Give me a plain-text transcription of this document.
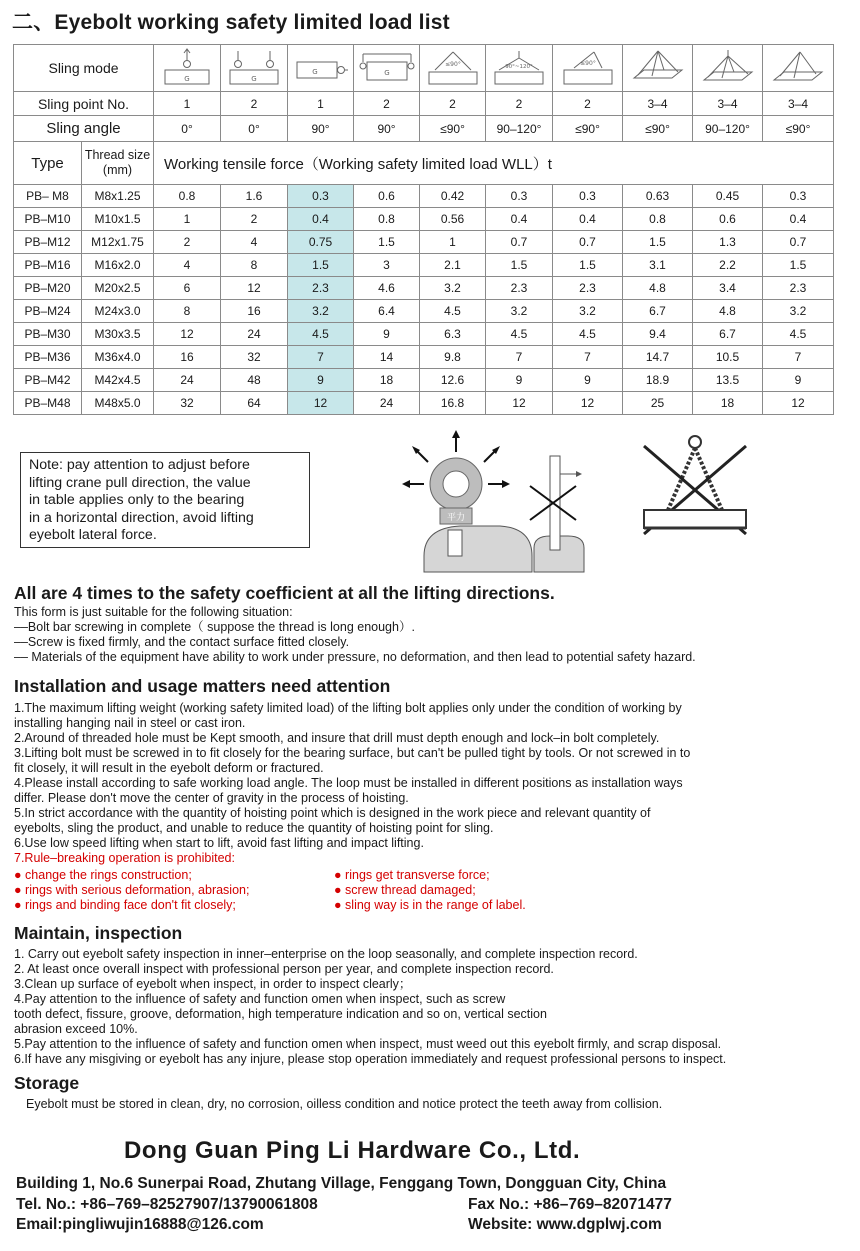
二、Eyebolt working safety limited load list
Sling mode		G	G	G	G	≤90°	90°~120°	≤90°

Sling point No.		1	2	1	2	2	2	2	3–4	3–4	3–4
Sling angle		0°	0°	90°	90°	≤90°	90–120°	≤90°	≤90°	90–120°	≤90°
Type	Thread size
(mm)	Working tensile force（Working safety limited load WLL）t									
PB– M8	M8x1.25	0.8	1.6	0.3	0.6	0.42	0.3	0.3	0.63	0.45	0.3
PB–M10	M10x1.5	1	2	0.4	0.8	0.56	0.4	0.4	0.8	0.6	0.4
PB–M12	M12x1.75	2	4	0.75	1.5	1	0.7	0.7	1.5	1.3	0.7
PB–M16	M16x2.0	4	8	1.5	3	2.1	1.5	1.5	3.1	2.2	1.5
PB–M20	M20x2.5	6	12	2.3	4.6	3.2	2.3	2.3	4.8	3.4	2.3
PB–M24	M24x3.0	8	16	3.2	6.4	4.5	3.2	3.2	6.7	4.8	3.2
PB–M30	M30x3.5	12	24	4.5	9	6.3	4.5	4.5	9.4	6.7	4.5
PB–M36	M36x4.0	16	32	7	14	9.8	7	7	14.7	10.5	7
PB–M42	M42x4.5	24	48	9	18	12.6	9	9	18.9	13.5	9
PB–M48	M48x5.0	32	64	12	24	16.8	12	12	25	18	12
Note: pay attention to adjust before
lifting crane pull direction, the value
in table applies only to the bearing
in a horizontal direction, avoid lifting
eyebolt lateral force.
平力
All are 4 times to the safety coefficient at all the lifting directions.
This form is just suitable for the following situation:
––Bolt bar screwing in complete（ suppose the thread is long enough）.
––Screw is fixed firmly, and the contact surface fitted closely.
–– Materials of the equipment have ability to work under pressure, no deformation, and then lead to potential safety hazard.
Installation and usage matters need attention
1.The maximum lifting weight (working safety limited load) of the lifting bolt applies only under the condition of working by
installing hanging nail in steel or cast iron.
2.Around of threaded hole must be Kept smooth, and insure that drill must depth enough and lock–in bolt completely.
3.Lifting bolt must be screwed in to fit closely for the bearing surface, but can't be pulled tight by tools. Or not screwed in to
fit closely, it will result in the eyebolt deform or fractured.
4.Please install according to safe working load angle. The loop must be installed in different positions as installation ways
differ. Please don't move the center of gravity in the process of hoisting.
5.In strict accordance with the quantity of hoisting point which is designed in the work piece and relevant quantity of
eyebolts, sling the product, and unable to reduce the quantity of hoisting point for sling.
6.Use low speed lifting when start to lift, avoid fast lifting and impact lifting.
7.Rule–breaking operation is prohibited:
● change the rings construction;
● rings with serious deformation, abrasion;
● rings and binding face don't fit closely;
● rings get transverse force;
● screw thread damaged;
● sling way is in the range of label.
Maintain, inspection
1. Carry out eyebolt safety inspection in inner–enterprise on the loop seasonally, and complete inspection record.
2. At least once overall inspect with professional person per year, and complete inspection record.
3.Clean up surface of eyebolt when inspect, in order to inspect clearly；
4.Pay attention to the influence of safety and function omen when inspect, such as screw
tooth defect, fissure, groove, deformation, high temperature indication and so on, vertical section
abrasion exceed 10%.
5.Pay attention to the influence of safety and function omen when inspect, must weed out this eyebolt firmly, and scrap disposal.
6.If have any misgiving or eyebolt has any injure, please stop operation immediately and request professional persons to inspect.
Storage
Eyebolt must be stored in clean, dry, no corrosion, oilless condition and notice protect the teeth away from collision.
Dong Guan Ping Li Hardware Co., Ltd.
Building 1, No.6 Sunerpai Road, Zhutang Village, Fenggang Town, Dongguan City, China
Tel. No.: +86–769–82527907/13790061808	Fax No.: +86–769–82071477
Email:pingliwujin16888@126.com	Website: www.dgplwj.com
